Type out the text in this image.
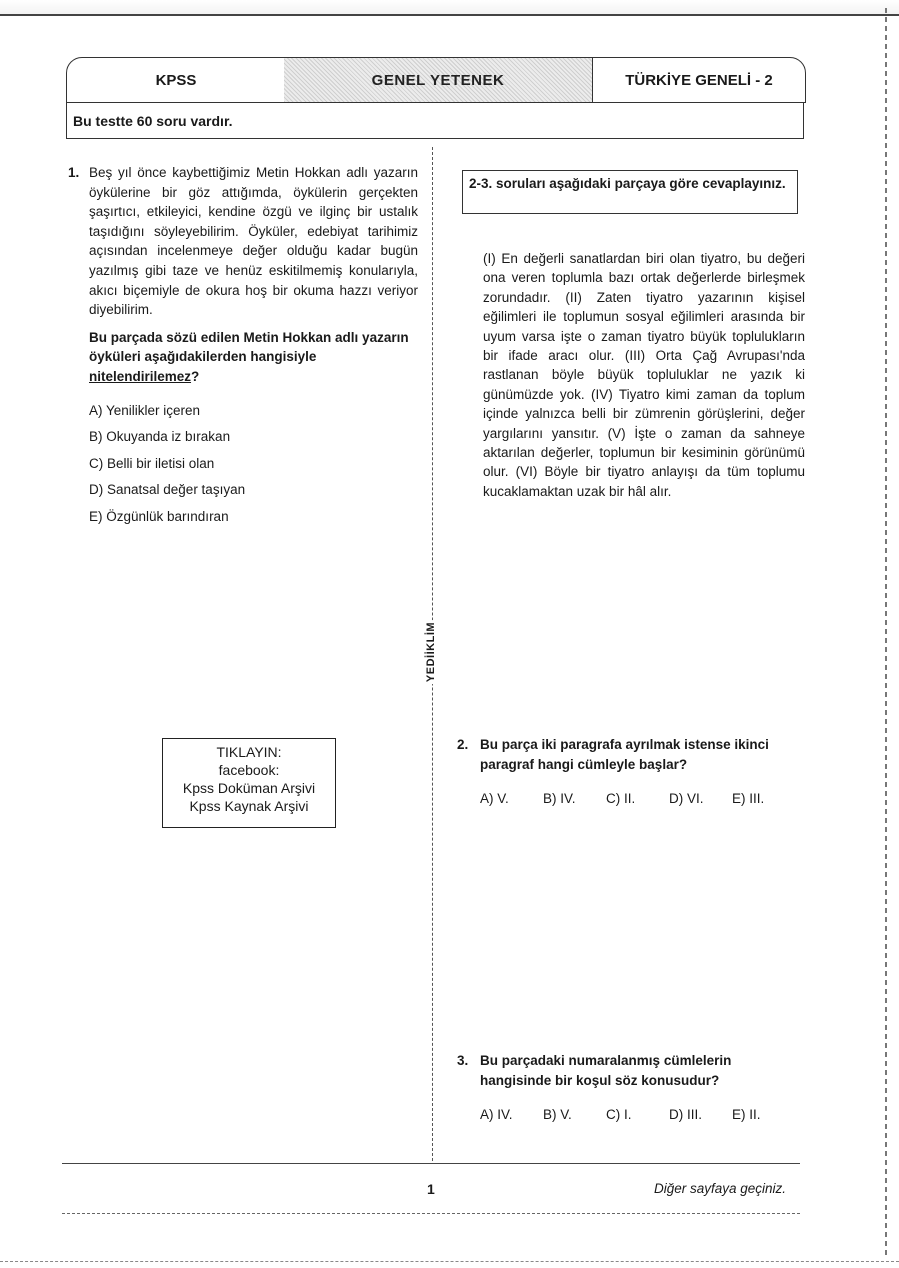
KPSS	GENEL YETENEK	TÜRKİYE GENELİ - 2
Bu testte 60 soru vardır.
YEDİİKLİM
1. Beş yıl önce kaybettiğimiz Metin Hokkan adlı yazarın öykülerine bir göz attığımda, öykülerin gerçekten şaşırtıcı, etkileyici, kendine özgü ve ilginç bir ustalık taşıdığını söyleyebilirim. Öyküler, edebiyat tarihimiz açısından incelenmeye değer olduğu kadar bugün yazılmış gibi taze ve henüz eskitilmemiş konularıyla, akıcı biçemiyle de okura hoş bir okuma hazzı veriyor diyebilirim.
Bu parçada sözü edilen Metin Hokkan adlı yazarın öyküleri aşağıdakilerden hangisiyle nitelendirilemez?
A) Yenilikler içeren
B) Okuyanda iz bırakan
C) Belli bir iletisi olan
D) Sanatsal değer taşıyan
E) Özgünlük barındıran
TIKLAYIN:
facebook:
Kpss Doküman Arşivi
Kpss Kaynak Arşivi
2-3. soruları aşağıdaki parçaya göre cevaplayınız.
(I) En değerli sanatlardan biri olan tiyatro, bu değeri ona veren toplumla bazı ortak değerlerde birleşmek zorundadır. (II) Zaten tiyatro yazarının kişisel eğilimleri ile toplumun sosyal eğilimleri arasında bir uyum varsa işte o zaman tiyatro büyük toplulukların bir ifade aracı olur. (III) Orta Çağ Avrupası'nda rastlanan böyle büyük topluluklar ne yazık ki günümüzde yok. (IV) Tiyatro kimi zaman da toplum içinde yalnızca belli bir zümrenin görüşlerini, değer yargılarını yansıtır. (V) İşte o zaman da sahneye aktarılan değerler, toplumun bir kesiminin görünümü olur. (VI) Böyle bir tiyatro anlayışı da tüm toplumu kucaklamaktan uzak bir hâl alır.
2. Bu parça iki paragrafa ayrılmak istense ikinci paragraf hangi cümleyle başlar?
A) V.	B) IV.	C) II.	D) VI.	E) III.
3. Bu parçadaki numaralanmış cümlelerin hangisinde bir koşul söz konusudur?
A) IV.	B) V.	C) I.	D) III.	E) II.
1	Diğer sayfaya geçiniz.
